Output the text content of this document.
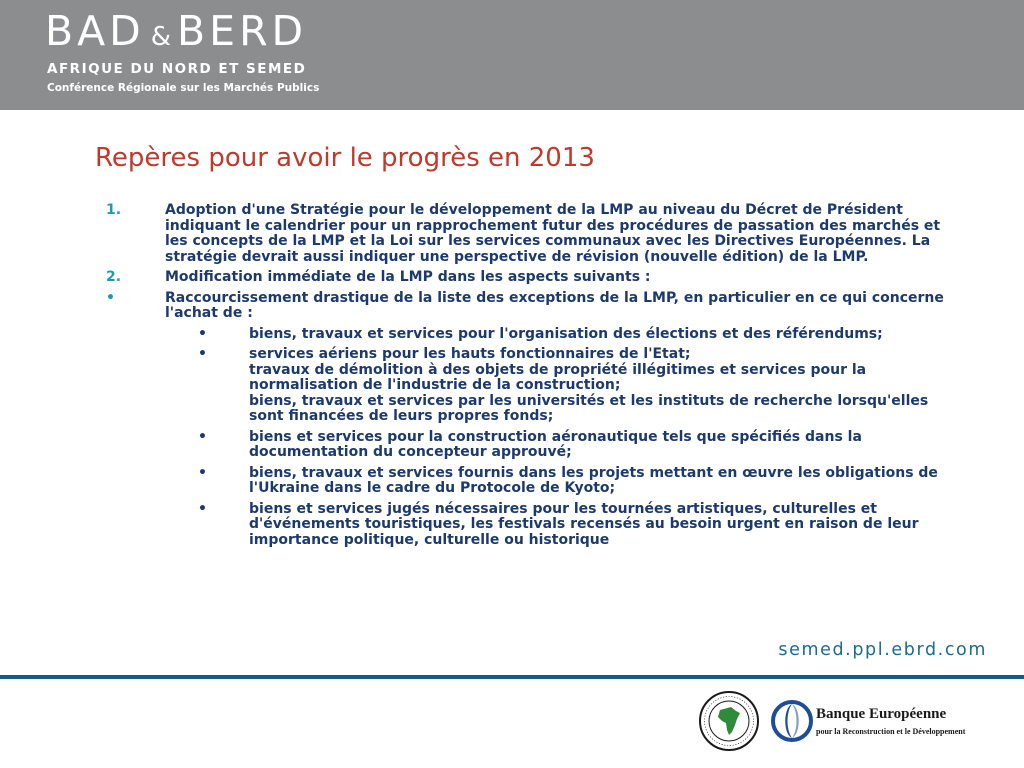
BAD & BERD
AFRIQUE DU NORD ET SEMED
Conférence Régionale sur les Marchés Publics
Repères pour avoir le progrès en 2013
1.	Adoption d'une Stratégie pour le développement de la LMP au niveau du Décret de Président indiquant le calendrier pour un rapprochement futur des procédures de passation des marchés et les concepts de la LMP et la Loi sur les services communaux avec les Directives Européennes. La stratégie devrait aussi indiquer une perspective de révision (nouvelle édition) de la LMP.
2.	Modification immédiate de la LMP dans les aspects suivants :
•	Raccourcissement drastique de la liste des exceptions de la LMP, en particulier en ce qui concerne l'achat de :
•	biens, travaux et services pour l'organisation des élections et des référendums;
•	services aériens pour les hauts fonctionnaires de l'Etat;
travaux de démolition à des objets de propriété illégitimes et services pour la normalisation de l'industrie de la construction;
biens, travaux et services par les universités et les instituts de recherche lorsqu'elles sont financées de leurs propres fonds;
•	biens et services pour la construction aéronautique tels que spécifiés dans la documentation du concepteur approuvé;
•	biens, travaux et services fournis dans les projets mettant en œuvre les obligations de l'Ukraine dans le cadre du Protocole de Kyoto;
•	biens et services jugés nécessaires pour les tournées artistiques, culturelles et d'événements touristiques, les festivals recensés au besoin urgent en raison de leur importance politique, culturelle ou historique
semed.ppl.ebrd.com
Banque Européenne
pour la Reconstruction et le Développement
